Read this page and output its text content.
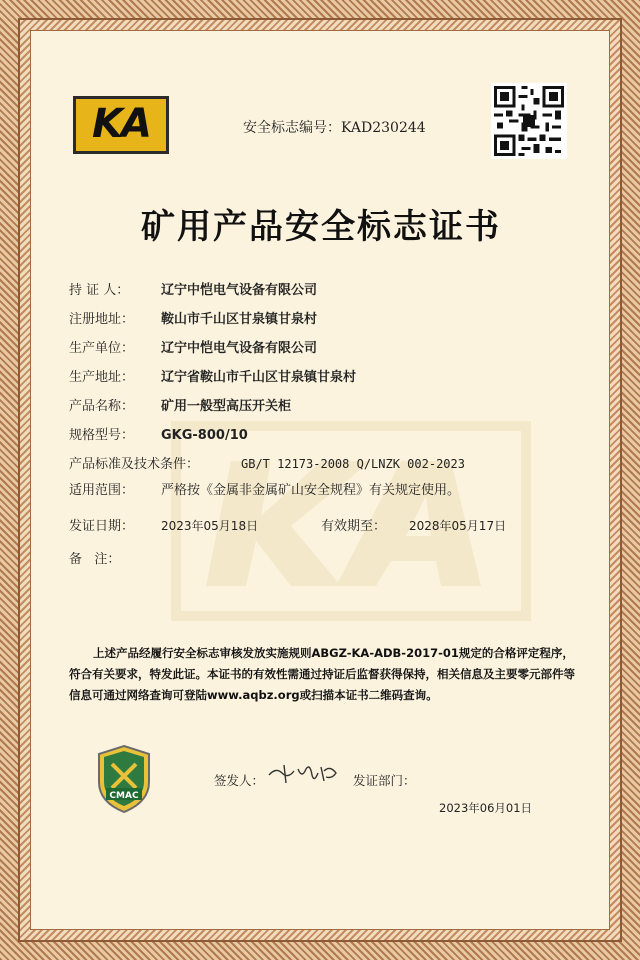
KA	安全标志编号：KAD230244
矿用产品安全标志证书
持 证 人： 辽宁中恺电气设备有限公司
注册地址： 鞍山市千山区甘泉镇甘泉村
生产单位： 辽宁中恺电气设备有限公司
生产地址： 辽宁省鞍山市千山区甘泉镇甘泉村
产品名称： 矿用一般型高压开关柜
规格型号： GKG-800/10
产品标准及技术条件：	GB/T 12173-2008 Q/LNZK 002-2023
适用范围： 严格按《金属非金属矿山安全规程》有关规定使用。
发证日期： 2023年05月18日	有效期至： 2028年05月17日
备   注：
上述产品经履行安全标志审核发放实施规则ABGZ-KA-ADB-2017-01规定的合格评定程序，符合有关要求，特发此证。本证书的有效性需通过持证后监督获得保持，相关信息及主要零元部件等信息可通过网络查询可登陆www.aqbz.org或扫描本证书二维码查询。
CMAC
签发人：	发证部门：
2023年06月01日
